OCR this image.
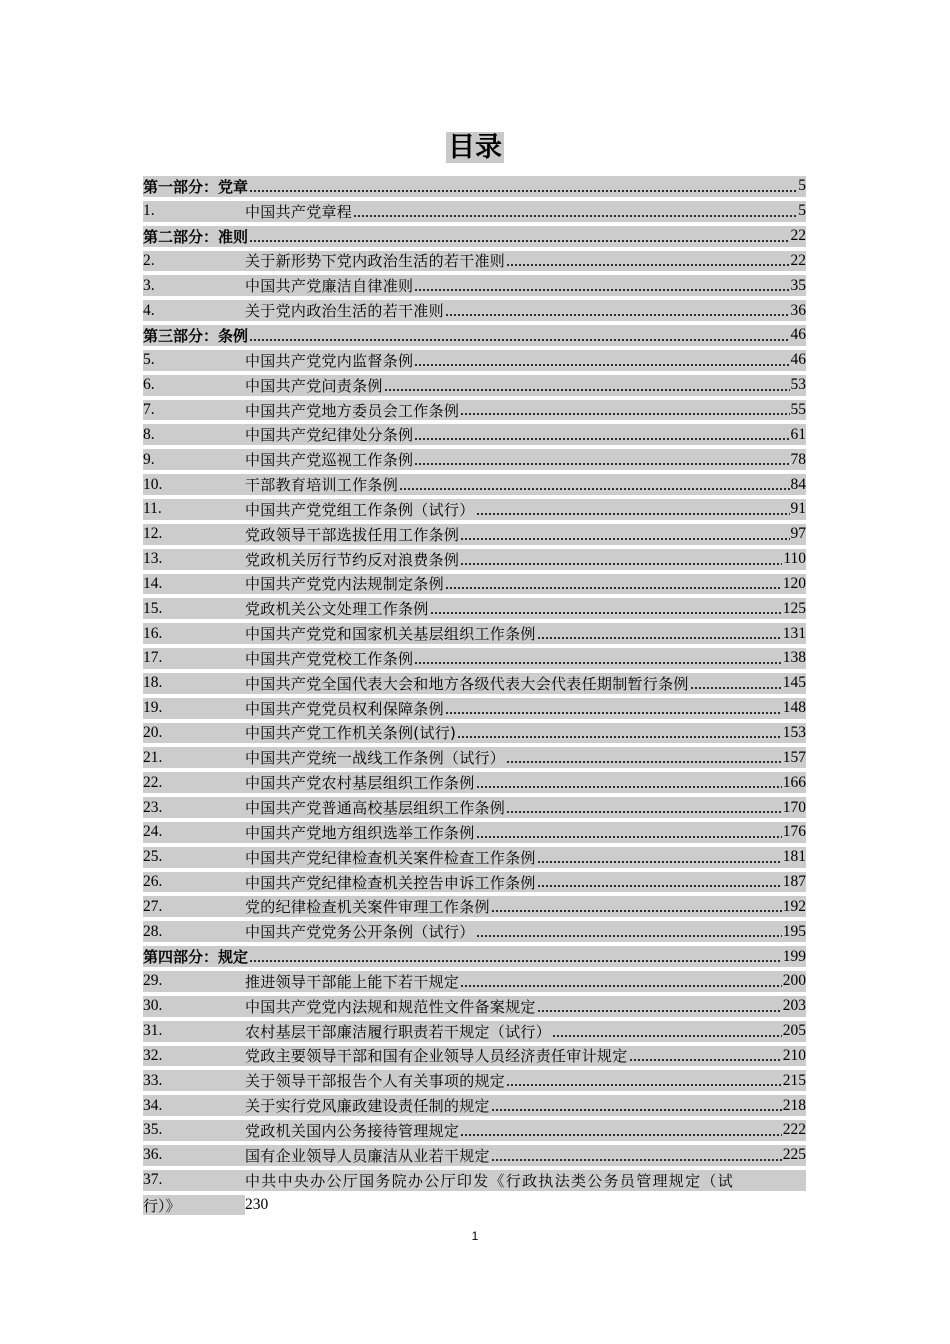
目录
第一部分：党章	5
1.	中国共产党章程	5
第二部分：准则	22
2.	关于新形势下党内政治生活的若干准则	22
3.	中国共产党廉洁自律准则	35
4.	关于党内政治生活的若干准则	36
第三部分：条例	46
5.	中国共产党党内监督条例	46
6.	中国共产党问责条例	53
7.	中国共产党地方委员会工作条例	55
8.	中国共产党纪律处分条例	61
9.	中国共产党巡视工作条例	78
10.	干部教育培训工作条例	84
11.	中国共产党党组工作条例（试行）	91
12.	党政领导干部选拔任用工作条例	97
13.	党政机关厉行节约反对浪费条例	110
14.	中国共产党党内法规制定条例	120
15.	党政机关公文处理工作条例	125
16.	中国共产党党和国家机关基层组织工作条例	131
17.	中国共产党党校工作条例	138
18.	中国共产党全国代表大会和地方各级代表大会代表任期制暂行条例	145
19.	中国共产党党员权利保障条例	148
20.	中国共产党工作机关条例(试行)	153
21.	中国共产党统一战线工作条例（试行）	157
22.	中国共产党农村基层组织工作条例	166
23.	中国共产党普通高校基层组织工作条例	170
24.	中国共产党地方组织选举工作条例	176
25.	中国共产党纪律检查机关案件检查工作条例	181
26.	中国共产党纪律检查机关控告申诉工作条例	187
27.	党的纪律检查机关案件审理工作条例	192
28.	中国共产党党务公开条例（试行）	195
第四部分：规定	199
29.	推进领导干部能上能下若干规定	200
30.	中国共产党党内法规和规范性文件备案规定	203
31.	农村基层干部廉洁履行职责若干规定（试行）	205
32.	党政主要领导干部和国有企业领导人员经济责任审计规定	210
33.	关于领导干部报告个人有关事项的规定	215
34.	关于实行党风廉政建设责任制的规定	218
35.	党政机关国内公务接待管理规定	222
36.	国有企业领导人员廉洁从业若干规定	225
37.	中共中央办公厅国务院办公厅印发《行政执法类公务员管理规定（试
行）》	230
1
